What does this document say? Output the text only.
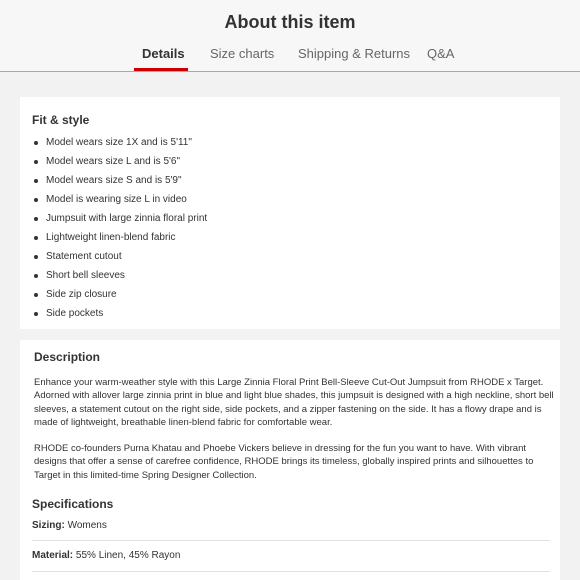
About this item
Details Size charts Shipping & Returns Q&A
Fit & style
Model wears size 1X and is 5'11"
Model wears size L and is 5'6"
Model wears size S and is 5'9"
Model is wearing size L in video
Jumpsuit with large zinnia floral print
Lightweight linen-blend fabric
Statement cutout
Short bell sleeves
Side zip closure
Side pockets
Description
Enhance your warm-weather style with this Large Zinnia Floral Print Bell-Sleeve Cut-Out Jumpsuit from RHODE x Target. Adorned with allover large zinnia print in blue and light blue shades, this jumpsuit is designed with a high neckline, short bell sleeves, a statement cutout on the right side, side pockets, and a zipper fastening on the side. It has a flowy drape and is made of lightweight, breathable linen-blend fabric for comfortable wear.
RHODE co-founders Purna Khatau and Phoebe Vickers believe in dressing for the fun you want to have. With vibrant designs that offer a sense of carefree confidence, RHODE brings its timeless, globally inspired prints and silhouettes to Target in this limited-time Spring Designer Collection.
Specifications
Sizing: Womens
Material: 55% Linen, 45% Rayon
